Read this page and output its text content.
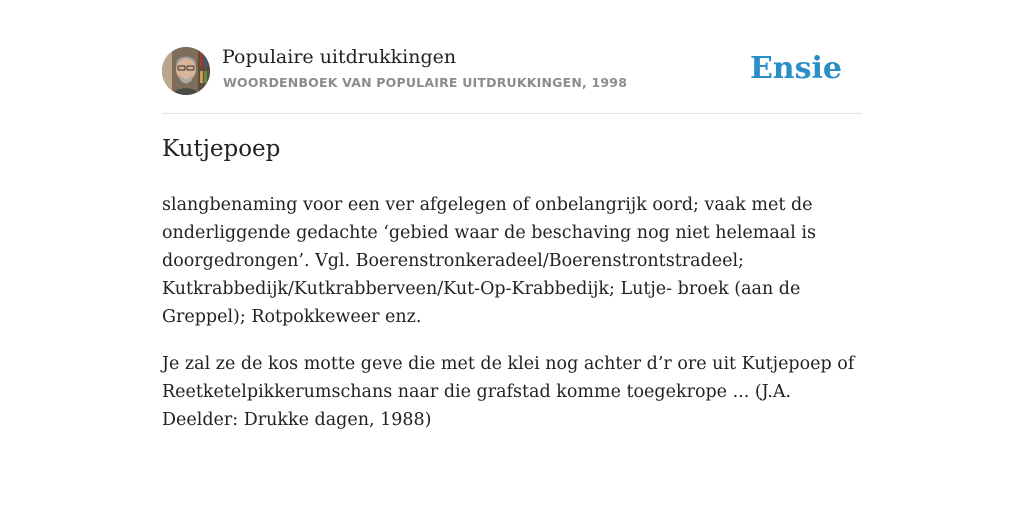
Populaire uitdrukkingen
WOORDENBOEK VAN POPULAIRE UITDRUKKINGEN, 1998	Ensie
Kutjepoep

slangbenaming voor een ver afgelegen of onbelangrijk oord; vaak met de onderliggende gedachte ‘gebied waar de beschaving nog niet helemaal is doorgedrongen’. Vgl. Boerenstronkeradeel/Boerenstrontstradeel; Kutkrabbedijk/Kutkrabberveen/Kut-Op-Krabbedijk; Lutje- broek (aan de Greppel); Rotpokkeweer enz.

Je zal ze de kos motte geve die met de klei nog achter d’r ore uit Kutjepoep of Reetketelpikkerumschans naar die grafstad komme toegekrope ... (J.A. Deelder: Drukke dagen, 1988)
